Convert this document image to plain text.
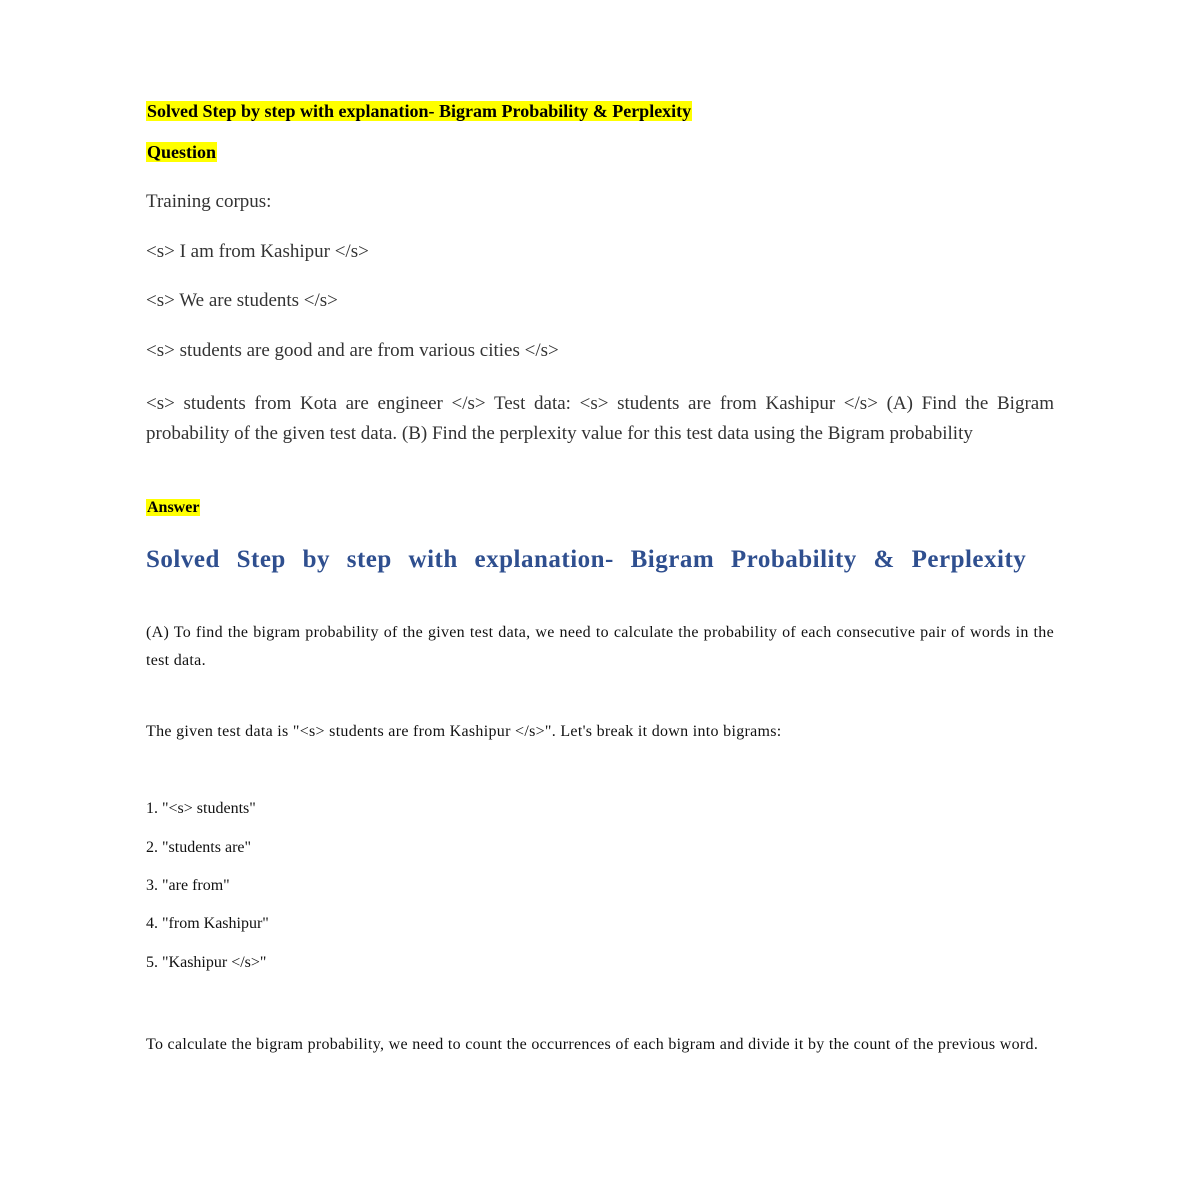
Solved Step by step with explanation- Bigram Probability & Perplexity
Question
Training corpus:
<s> I am from Kashipur </s>
<s> We are students </s>
<s> students are good and are from various cities </s>
<s> students from Kota are engineer </s> Test data: <s> students are from Kashipur </s> (A) Find the Bigram probability of the given test data. (B) Find the perplexity value for this test data using the Bigram probability
Answer
Solved Step by step with explanation- Bigram Probability & Perplexity
(A) To find the bigram probability of the given test data, we need to calculate the probability of each consecutive pair of words in the test data.
The given test data is "<s> students are from Kashipur </s>". Let's break it down into bigrams:
1. "<s> students"
2. "students are"
3. "are from"
4. "from Kashipur"
5. "Kashipur </s>"
To calculate the bigram probability, we need to count the occurrences of each bigram and divide it by the count of the previous word.
